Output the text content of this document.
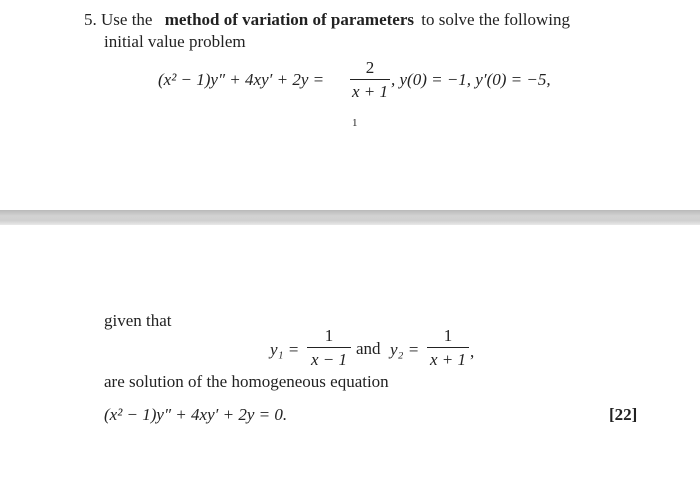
5. Use the method of variation of parameters to solve the following
initial value problem
(x² − 1)y″ + 4xy′ + 2y =
2
x + 1
, y(0) = −1, y′(0) = −5,
1
given that
y₁ =
1
x − 1
and y₂ =
1
x + 1 ,
are solution of the homogeneous equation
(x² − 1)y″ + 4xy′ + 2y = 0.	[22]
